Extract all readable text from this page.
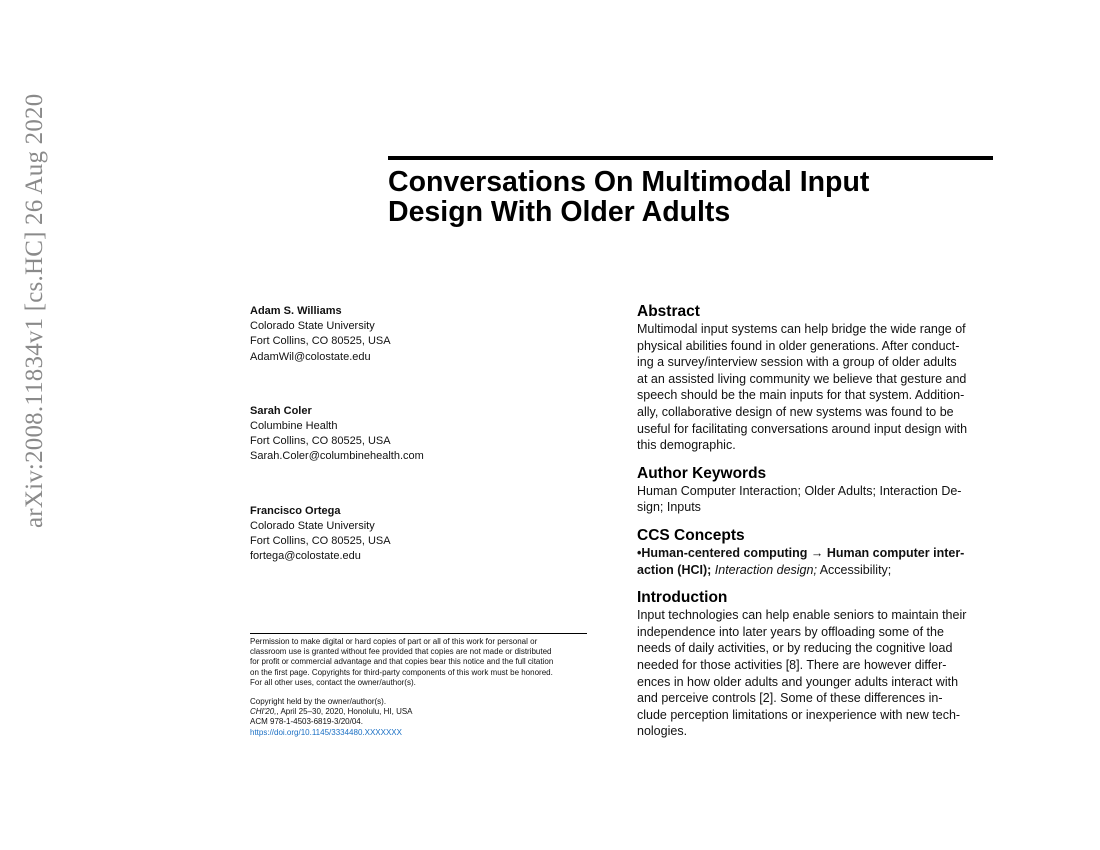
arXiv:2008.11834v1 [cs.HC] 26 Aug 2020	Conversations On Multimodal Input
Design With Older Adults
Adam S. Williams
Colorado State University
Fort Collins, CO 80525, USA
AdamWil@colostate.edu
Sarah Coler
Columbine Health
Fort Collins, CO 80525, USA
Sarah.Coler@columbinehealth.com
Francisco Ortega
Colorado State University
Fort Collins, CO 80525, USA
fortega@colostate.edu

Permission to make digital or hard copies of part or all of this work for personal or
classroom use is granted without fee provided that copies are not made or distributed
for profit or commercial advantage and that copies bear this notice and the full citation
on the first page. Copyrights for third-party components of this work must be honored.
For all other uses, contact the owner/author(s).

Copyright held by the owner/author(s).
CHI'20,, April 25–30, 2020, Honolulu, HI, USA
ACM 978-1-4503-6819-3/20/04.
https://doi.org/10.1145/3334480.XXXXXXX
Abstract

Multimodal input systems can help bridge the wide range of
physical abilities found in older generations. After conduct-
ing a survey/interview session with a group of older adults
at an assisted living community we believe that gesture and
speech should be the main inputs for that system. Addition-
ally, collaborative design of new systems was found to be
useful for facilitating conversations around input design with
this demographic.

Author Keywords

Human Computer Interaction; Older Adults; Interaction De-
sign; Inputs

CCS Concepts

•Human-centered computing → Human computer inter-
action (HCI); Interaction design; Accessibility;

Introduction

Input technologies can help enable seniors to maintain their
independence into later years by offloading some of the
needs of daily activities, or by reducing the cognitive load
needed for those activities [8]. There are however differ-
ences in how older adults and younger adults interact with
and perceive controls [2]. Some of these differences in-
clude perception limitations or inexperience with new tech-
nologies.
